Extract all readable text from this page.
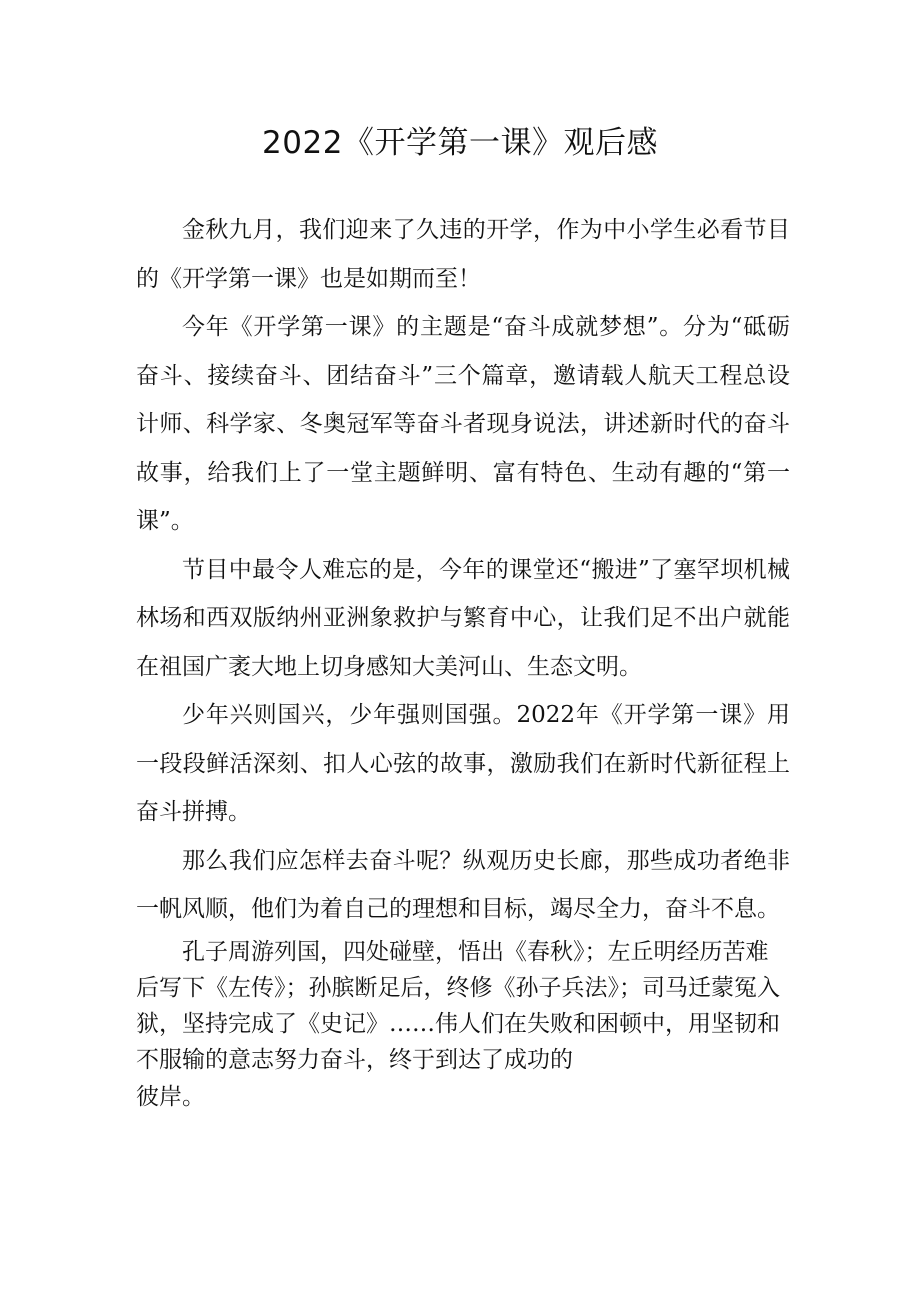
2022《开学第一课》观后感

金秋九月，我们迎来了久违的开学，作为中小学生必看节目的《开学第一课》也是如期而至！

今年《开学第一课》的主题是“奋斗成就梦想”。分为“砥砺奋斗、接续奋斗、团结奋斗”三个篇章，邀请载人航天工程总设计师、科学家、冬奥冠军等奋斗者现身说法，讲述新时代的奋斗故事，给我们上了一堂主题鲜明、富有特色、生动有趣的“第一课”。

节目中最令人难忘的是，今年的课堂还“搬进”了塞罕坝机械林场和西双版纳州亚洲象救护与繁育中心，让我们足不出户就能在祖国广袤大地上切身感知大美河山、生态文明。

少年兴则国兴，少年强则国强。2022年《开学第一课》用一段段鲜活深刻、扣人心弦的故事，激励我们在新时代新征程上奋斗拼搏。

那么我们应怎样去奋斗呢？纵观历史长廊，那些成功者绝非一帆风顺，他们为着自己的理想和目标，竭尽全力，奋斗不息。

孔子周游列国，四处碰壁，悟出《春秋》；左丘明经历苦难后写下《左传》；孙膑断足后，终修《孙子兵法》；司马迁蒙冤入狱，坚持完成了《史记》……伟人们在失败和困顿中，用坚韧和不服输的意志努力奋斗，终于到达了成功的

彼岸。
